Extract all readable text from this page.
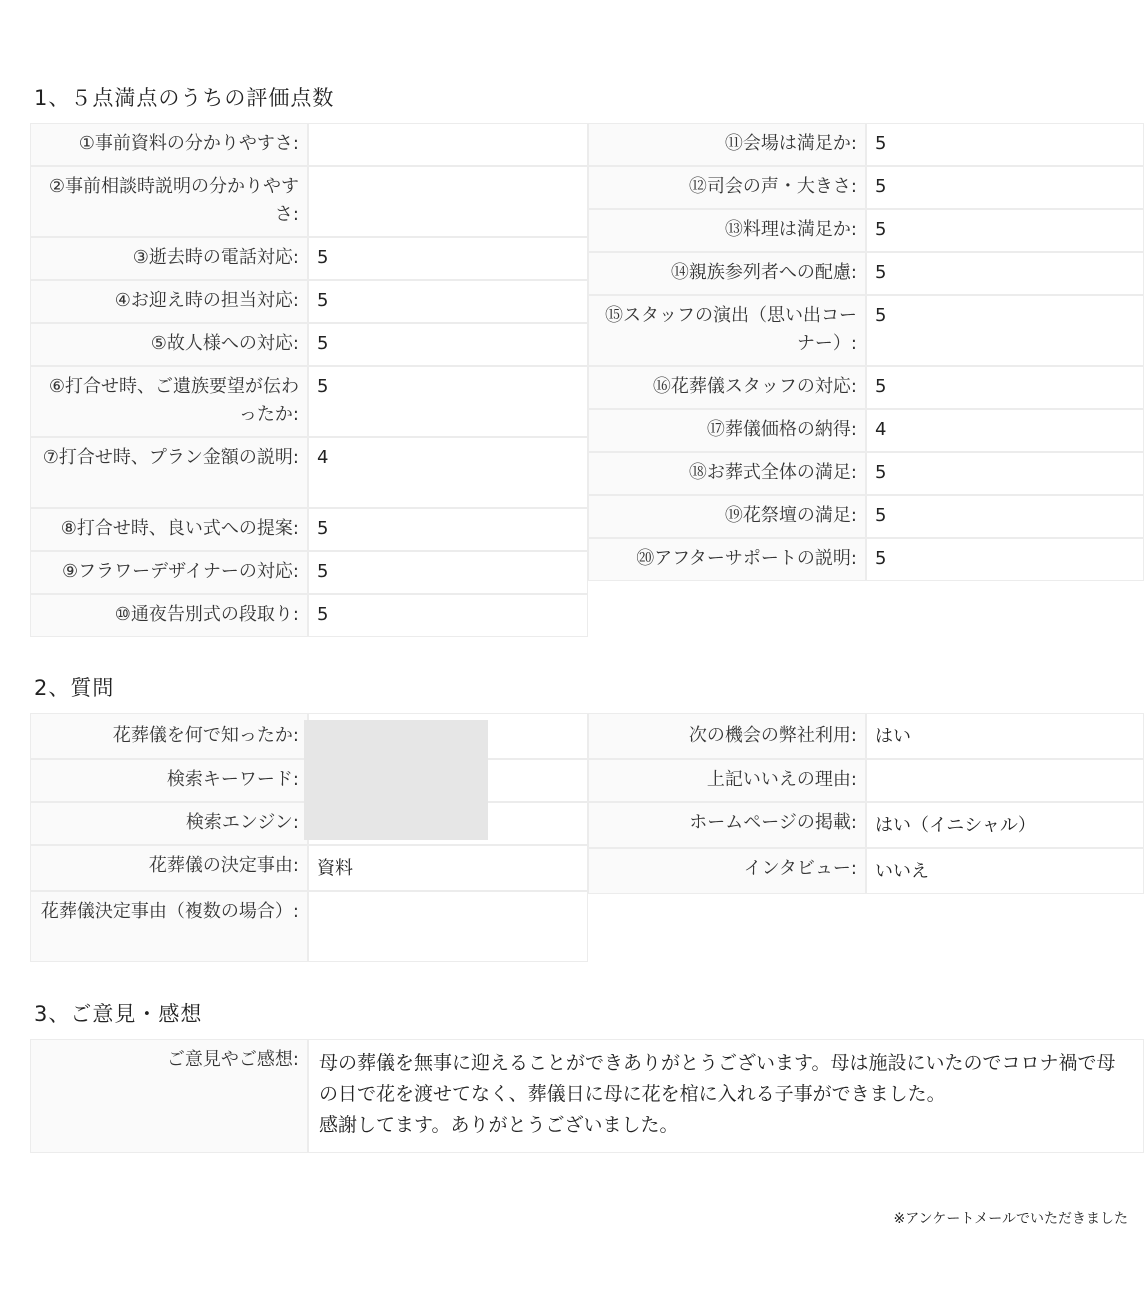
1、５点満点のうちの評価点数
2、質問
3、ご意見・感想
①事前資料の分かりやすさ:
②事前相談時説明の分かりやすさ:
③逝去時の電話対応:	5
④お迎え時の担当対応:	5
⑤故人様への対応:	5
⑥打合せ時、ご遺族要望が伝わったか:
5
⑦打合せ時、プラン金額の説明:	4
⑧打合せ時、良い式への提案:	5
⑨フラワーデザイナーの対応:	5
⑩通夜告別式の段取り:	5
⑪会場は満足か:	5
⑫司会の声・大きさ:	5
⑬料理は満足か:	5
⑭親族参列者への配慮:	5
⑮スタッフの演出（思い出コーナー）:
5
⑯花葬儀スタッフの対応:	5
⑰葬儀価格の納得:	4
⑱お葬式全体の満足:	5
⑲花祭壇の満足:	5
⑳アフターサポートの説明:	5
花葬儀を何で知ったか:
検索キーワード:
検索エンジン:
花葬儀の決定事由:	資料
花葬儀決定事由（複数の場合）:
次の機会の弊社利用:	はい
上記いいえの理由:
ホームページの掲載:	はい（イニシャル）
インタビュー:	いいえ
ご意見やご感想:	母の葬儀を無事に迎えることができありがとうございます。母は施設にいたのでコロナ禍で母の日で花を渡せてなく、葬儀日に母に花を棺に入れる子事ができました。
感謝してます。ありがとうございました。
※アンケートメールでいただきました
